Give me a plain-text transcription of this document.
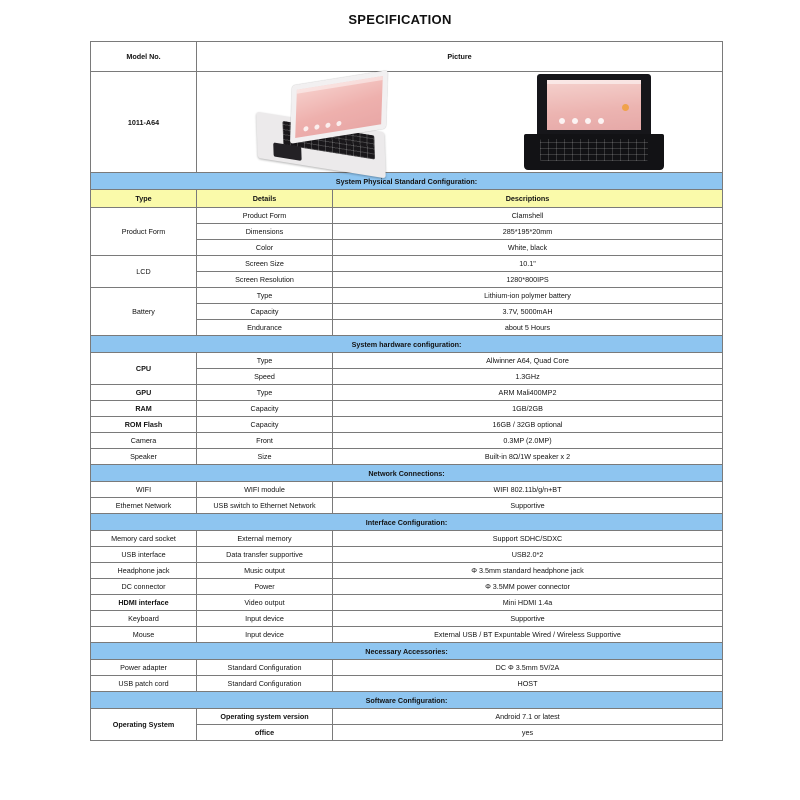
SPECIFICATION
Model No.	Picture	
1011-A64		

System Physical Standard Configuration:		
Type	Details	Descriptions
Product Form	Product Form	Clamshell
	Dimensions	285*195*20mm
	Color	White, black
LCD	Screen Size	10.1"
	Screen Resolution	1280*800IPS
Battery	Type	Lithium-ion polymer battery
	Capacity	3.7V, 5000mAH
	Endurance	about 5 Hours
System hardware configuration:		
CPU	Type	Allwinner A64, Quad Core
	Speed	1.3GHz
GPU	Type	ARM Mali400MP2
RAM	Capacity	1GB/2GB
ROM Flash	Capacity	16GB / 32GB optional
Camera	Front	0.3MP (2.0MP)
Speaker	Size	Built-in 8Ω/1W speaker x 2
Network Connections:		
WIFI	WIFI module	WIFI 802.11b/g/n+BT
Ethernet Network	USB switch to Ethernet Network	Supportive
Interface Configuration:		
Memory card socket	External memory	Support SDHC/SDXC
USB interface	Data transfer supportive	USB2.0*2
Headphone jack	Music output	Φ 3.5mm standard headphone jack
DC connector	Power	Φ 3.5MM power connector
HDMI interface	Video output	Mini HDMI 1.4a
Keyboard	Input device	Supportive
Mouse	Input device	External USB / BT Expuntable Wired / Wireless Supportive
Necessary Accessories:		
Power adapter	Standard Configuration	DC Φ 3.5mm 5V/2A
USB patch cord	Standard Configuration	HOST
Software Configuration:		
Operating System	Operating system version	Android 7.1 or latest
	office	yes
